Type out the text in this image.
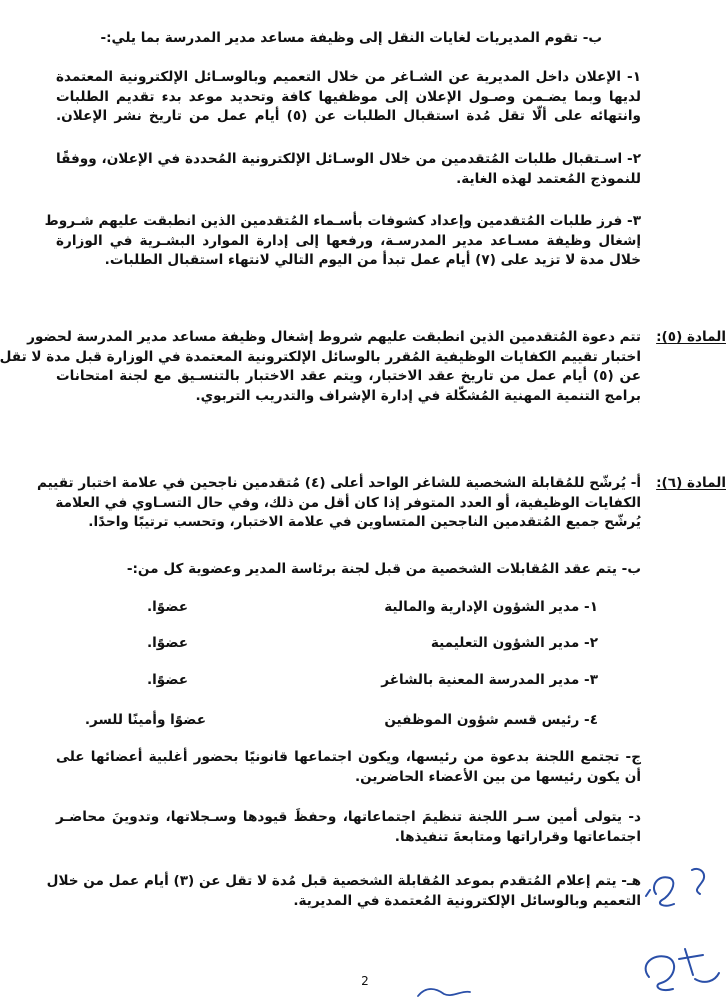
ب- تقوم المديريات لغايات النقل إلى وظيفة مساعد مدير المدرسة بما يلي:-
١- الإعلان داخل المديرية عن الشـاغر من خلال التعميم وبالوسـائل الإلكترونية المعتمدة
لديها وبما يضـمن وصـول الإعلان إلى موظفيها كافة وتحديد موعد بدء تقديم الطلبات
وانتهائه على ألّا تقل مُدة استقبال الطلبات عن (٥) أيام عمل من تاريخ نشر الإعلان.
٢- اسـتقبال طلبات المُتقدمين من خلال الوسـائل الإلكترونية المُحددة في الإعلان، ووفقًا
للنموذج المُعتمد لهذه الغاية.
٣- فرز طلبات المُتقدمين وإعداد كشوفات بأسـماء المُتقدمين الذين انطبقت عليهم شـروط
إشغال وظيفة مسـاعد مدير المدرسـة، ورفعها إلى إدارة الموارد البشـرية في الوزارة
خلال مدة لا تزيد على (٧) أيام عمل تبدأ من اليوم التالي لانتهاء استقبال الطلبات.
المادة (٥):
تتم دعوة المُتقدمين الذين انطبقت عليهم شروط إشغال وظيفة مساعد مدير المدرسة لحضور
اختبار تقييم الكفايات الوظيفية المُقرر بالوسائل الإلكترونية المعتمدة في الوزارة قبل مدة لا تقل
عن (٥) أيام عمل من تاريخ عقد الاختبار، ويتم عقد الاختبار بالتنسـيق مع لجنة امتحانات
برامج التنمية المهنية المُشكّلة في إدارة الإشراف والتدريب التربوي.
المادة (٦):
أ- يُرشّح للمُقابلة الشخصية للشاغر الواحد أعلى (٤) مُتقدمين ناجحين في علامة اختبار تقييم
الكفايات الوظيفية، أو العدد المتوفر إذا كان أقل من ذلك، وفي حال التسـاوي في العلامة
يُرشّح جميع المُتقدمين الناجحين المتساوين في علامة الاختبار، وتحسب ترتيبًا واحدًا.
ب- يتم عقد المُقابلات الشخصية من قبل لجنة برئاسة المدير وعضوية كل من:-
١- مدير الشؤون الإدارية والمالية
عضوًا.
٢- مدير الشؤون التعليمية
عضوًا.
٣- مدير المدرسة المعنية بالشاغر
عضوًا.
٤- رئيس قسم شؤون الموظفين
عضوًا وأمينًا للسر.
ج- تجتمع اللجنة بدعوة من رئيسها، ويكون اجتماعها قانونيًا بحضور أغلبية أعضائها على
أن يكون رئيسها من بين الأعضاء الحاضرين.
د- يتولى أمين سـر اللجنة تنظيمَ اجتماعاتها، وحفظَ قيودها وسـجلاتها، وتدوينَ محاضـر
اجتماعاتها وقراراتها ومتابعةَ تنفيذها.
هـ- يتم إعلام المُتقدم بموعد المُقابلة الشخصية قبل مُدة لا تقل عن (٣) أيام عمل من خلال
التعميم وبالوسائل الإلكترونية المُعتمدة في المديرية.
2
